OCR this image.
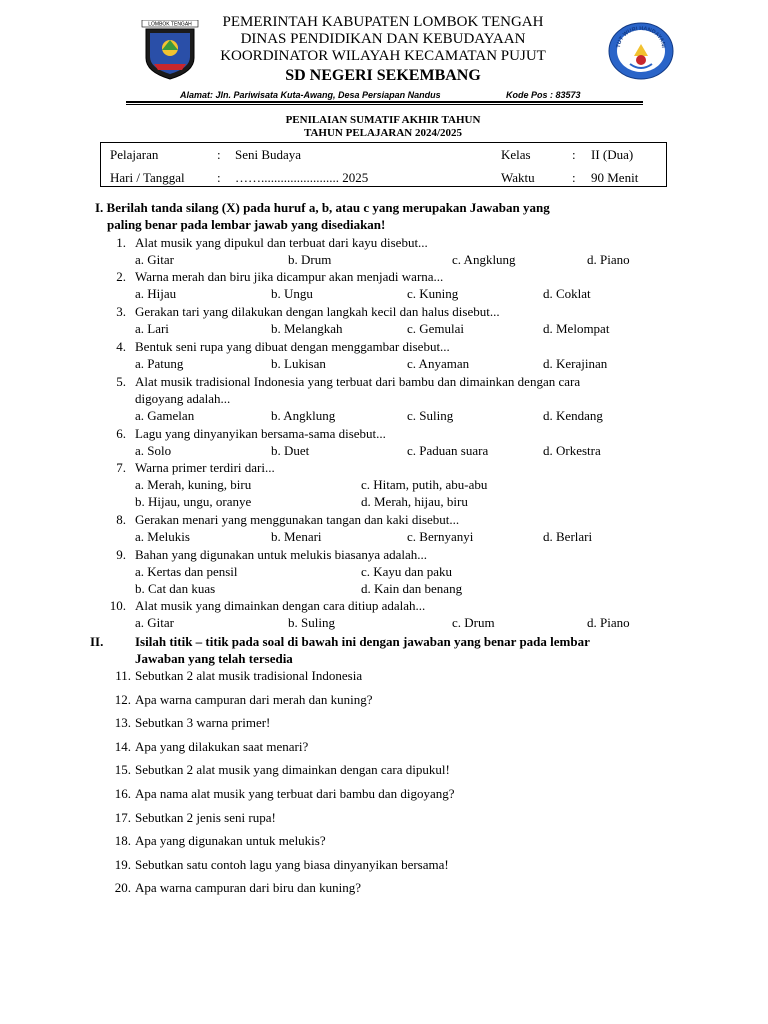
LOMBOK TENGAH	PEMERINTAH KABUPATEN LOMBOK TENGAH
DINAS PENDIDIKAN DAN KEBUDAYAAN
KOORDINATOR WILAYAH KECAMATAN PUJUT
SD NEGERI SEKEMBANG
TUT WURI HANDAYANI
Alamat: Jln. Pariwisata Kuta-Awang, Desa Persiapan Nandus	Kode Pos : 83573
PENILAIAN SUMATIF AKHIR TAHUN
TAHUN PELAJARAN 2024/2025
Pelajaran	: Seni Budaya	Kelas	: II (Dua)
Hari / Tanggal : ……........................ 2025	Waktu	: 90 Menit
I. Berilah tanda silang (X) pada huruf a, b, atau c yang merupakan Jawaban yang
paling benar pada lembar jawab yang disediakan!
II. Isilah titik – titik pada soal di bawah ini dengan jawaban yang benar pada lembar
Jawaban yang telah tersedia
1. Alat musik yang dipukul dan terbuat dari kayu disebut...
a. Gitar	b. Drum	c. Angklung	d. Piano
2. Warna merah dan biru jika dicampur akan menjadi warna...
a. Hijau	b. Ungu	c. Kuning	d. Coklat
3. Gerakan tari yang dilakukan dengan langkah kecil dan halus disebut...
a. Lari	b. Melangkah	c. Gemulai	d. Melompat
4. Bentuk seni rupa yang dibuat dengan menggambar disebut...
a. Patung	b. Lukisan	c. Anyaman	d. Kerajinan
5. Alat musik tradisional Indonesia yang terbuat dari bambu dan dimainkan dengan cara
digoyang adalah...
a. Gamelan	b. Angklung	c. Suling	d. Kendang
6. Lagu yang dinyanyikan bersama-sama disebut...
a. Solo	b. Duet	c. Paduan suara	d. Orkestra
7. Warna primer terdiri dari...
a. Merah, kuning, biru	c. Hitam, putih, abu-abu
b. Hijau, ungu, oranye	d. Merah, hijau, biru
8. Gerakan menari yang menggunakan tangan dan kaki disebut...
a. Melukis	b. Menari	c. Bernyanyi	d. Berlari
9. Bahan yang digunakan untuk melukis biasanya adalah...
a. Kertas dan pensil	c. Kayu dan paku
b. Cat dan kuas	d. Kain dan benang
10. Alat musik yang dimainkan dengan cara ditiup adalah...
a. Gitar	b. Suling	c. Drum	d. Piano
11. Sebutkan 2 alat musik tradisional Indonesia
12. Apa warna campuran dari merah dan kuning?
13. Sebutkan 3 warna primer!
14. Apa yang dilakukan saat menari?
15. Sebutkan 2 alat musik yang dimainkan dengan cara dipukul!
16. Apa nama alat musik yang terbuat dari bambu dan digoyang?
17. Sebutkan 2 jenis seni rupa!
18. Apa yang digunakan untuk melukis?
19. Sebutkan satu contoh lagu yang biasa dinyanyikan bersama!
20. Apa warna campuran dari biru dan kuning?
